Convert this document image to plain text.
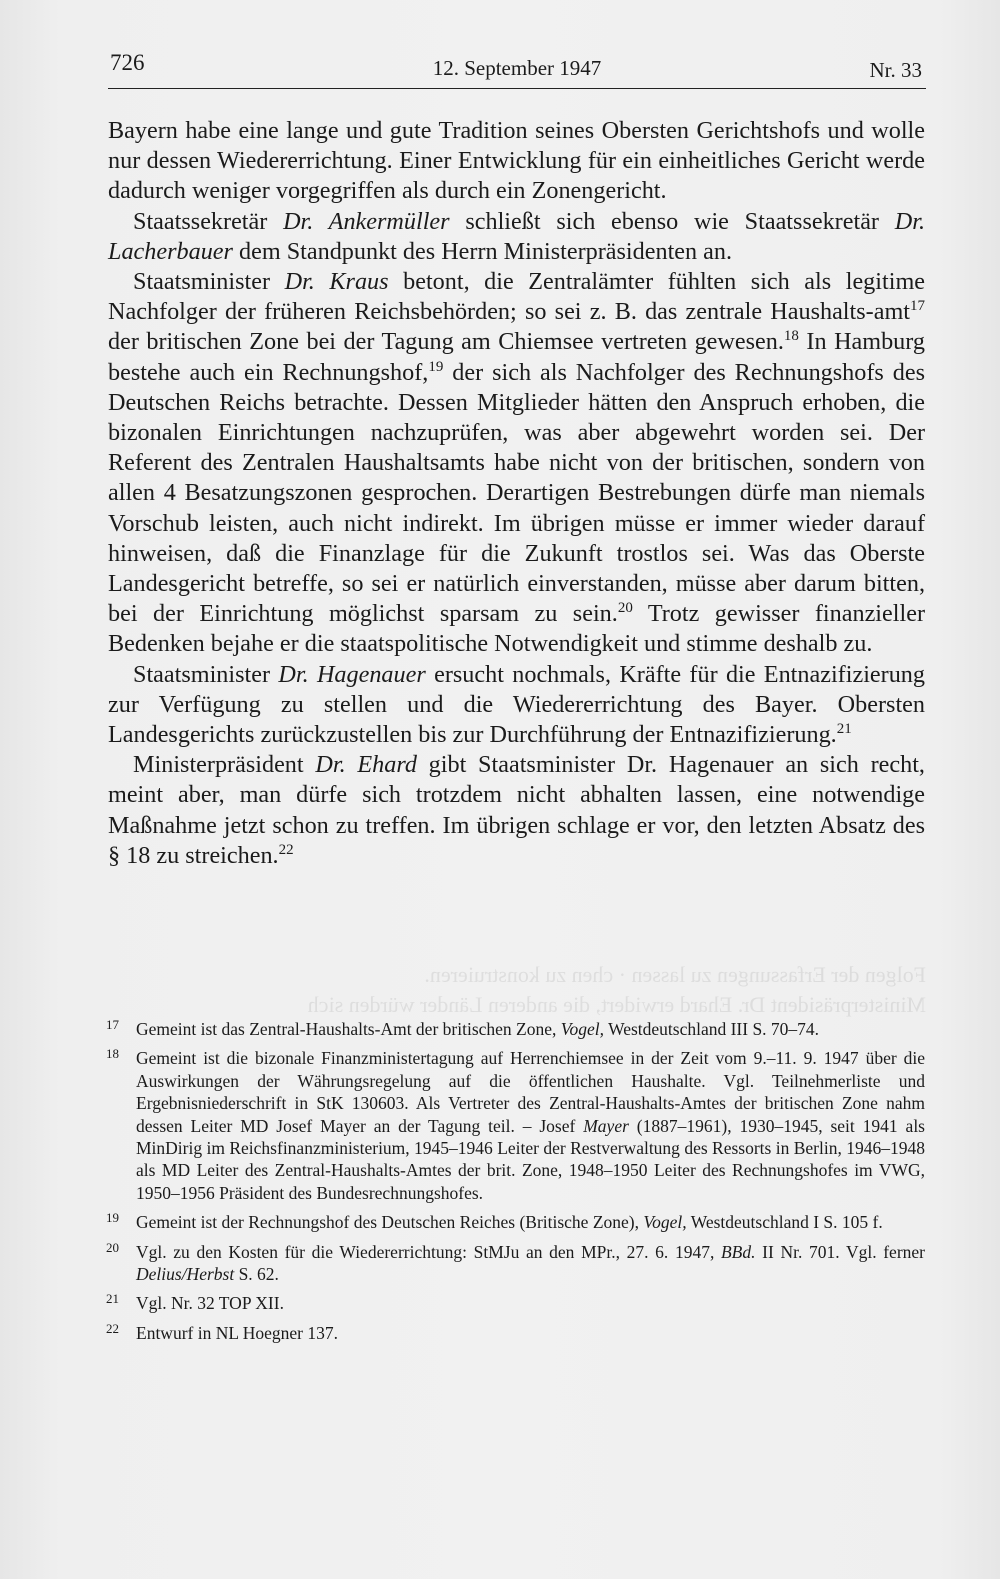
Folgen der Erfassungen zu lassen · chen zu konstruieren.
Ministerpräsident Dr. Ehard erwidert, die anderen Länder würden sich
726	12. September 1947	Nr. 33

Bayern habe eine lange und gute Tradition seines Obersten Gerichtshofs und wolle nur dessen Wiedererrichtung. Einer Entwicklung für ein einheitliches Gericht werde dadurch weniger vorgegriffen als durch ein Zonengericht.

Staatssekretär Dr. Ankermüller schließt sich ebenso wie Staatssekretär Dr. Lacherbauer dem Standpunkt des Herrn Ministerpräsidenten an.

Staatsminister Dr. Kraus betont, die Zentralämter fühlten sich als legitime Nachfolger der früheren Reichsbehörden; so sei z. B. das zentrale Haushalts-amt$^{17}$ der britischen Zone bei der Tagung am Chiemsee vertreten gewesen.$^{18}$ In Hamburg bestehe auch ein Rechnungshof,$^{19}$ der sich als Nachfolger des Rechnungshofs des Deutschen Reichs betrachte. Dessen Mitglieder hätten den Anspruch erhoben, die bizonalen Einrichtungen nachzuprüfen, was aber abgewehrt worden sei. Der Referent des Zentralen Haushaltsamts habe nicht von der britischen, sondern von allen 4 Besatzungszonen gesprochen. Derartigen Bestrebungen dürfe man niemals Vorschub leisten, auch nicht indirekt. Im übrigen müsse er immer wieder darauf hinweisen, daß die Finanzlage für die Zukunft trostlos sei. Was das Oberste Landesgericht betreffe, so sei er natürlich einverstanden, müsse aber darum bitten, bei der Einrichtung möglichst sparsam zu sein.$^{20}$ Trotz gewisser finanzieller Bedenken bejahe er die staatspolitische Notwendigkeit und stimme deshalb zu.

Staatsminister Dr. Hagenauer ersucht nochmals, Kräfte für die Entnazifizierung zur Verfügung zu stellen und die Wiedererrichtung des Bayer. Obersten Landesgerichts zurückzustellen bis zur Durchführung der Entnazifizierung.$^{21}$

Ministerpräsident Dr. Ehard gibt Staatsminister Dr. Hagenauer an sich recht, meint aber, man dürfe sich trotzdem nicht abhalten lassen, eine notwendige Maßnahme jetzt schon zu treffen. Im übrigen schlage er vor, den letzten Absatz des § 18 zu streichen.$^{22}$

17 Gemeint ist das Zentral-Haushalts-Amt der britischen Zone, Vogel, Westdeutschland III S. 70–74.
18 Gemeint ist die bizonale Finanzministertagung auf Herrenchiemsee in der Zeit vom 9.–11. 9. 1947 über die Auswirkungen der Währungsregelung auf die öffentlichen Haushalte. Vgl. Teilnehmerliste und Ergebnisniederschrift in StK 130603. Als Vertreter des Zentral-Haushalts-Amtes der britischen Zone nahm dessen Leiter MD Josef Mayer an der Tagung teil. – Josef Mayer (1887–1961), 1930–1945, seit 1941 als MinDirig im Reichsfinanzministerium, 1945–1946 Leiter der Restverwaltung des Ressorts in Berlin, 1946–1948 als MD Leiter des Zentral-Haushalts-Amtes der brit. Zone, 1948–1950 Leiter des Rechnungshofes im VWG, 1950–1956 Präsident des Bundesrechnungshofes.
19 Gemeint ist der Rechnungshof des Deutschen Reiches (Britische Zone), Vogel, Westdeutschland I S. 105 f.
20 Vgl. zu den Kosten für die Wiedererrichtung: StMJu an den MPr., 27. 6. 1947, BBd. II Nr. 701. Vgl. ferner Delius/Herbst S. 62.
21 Vgl. Nr. 32 TOP XII.
22 Entwurf in NL Hoegner 137.
